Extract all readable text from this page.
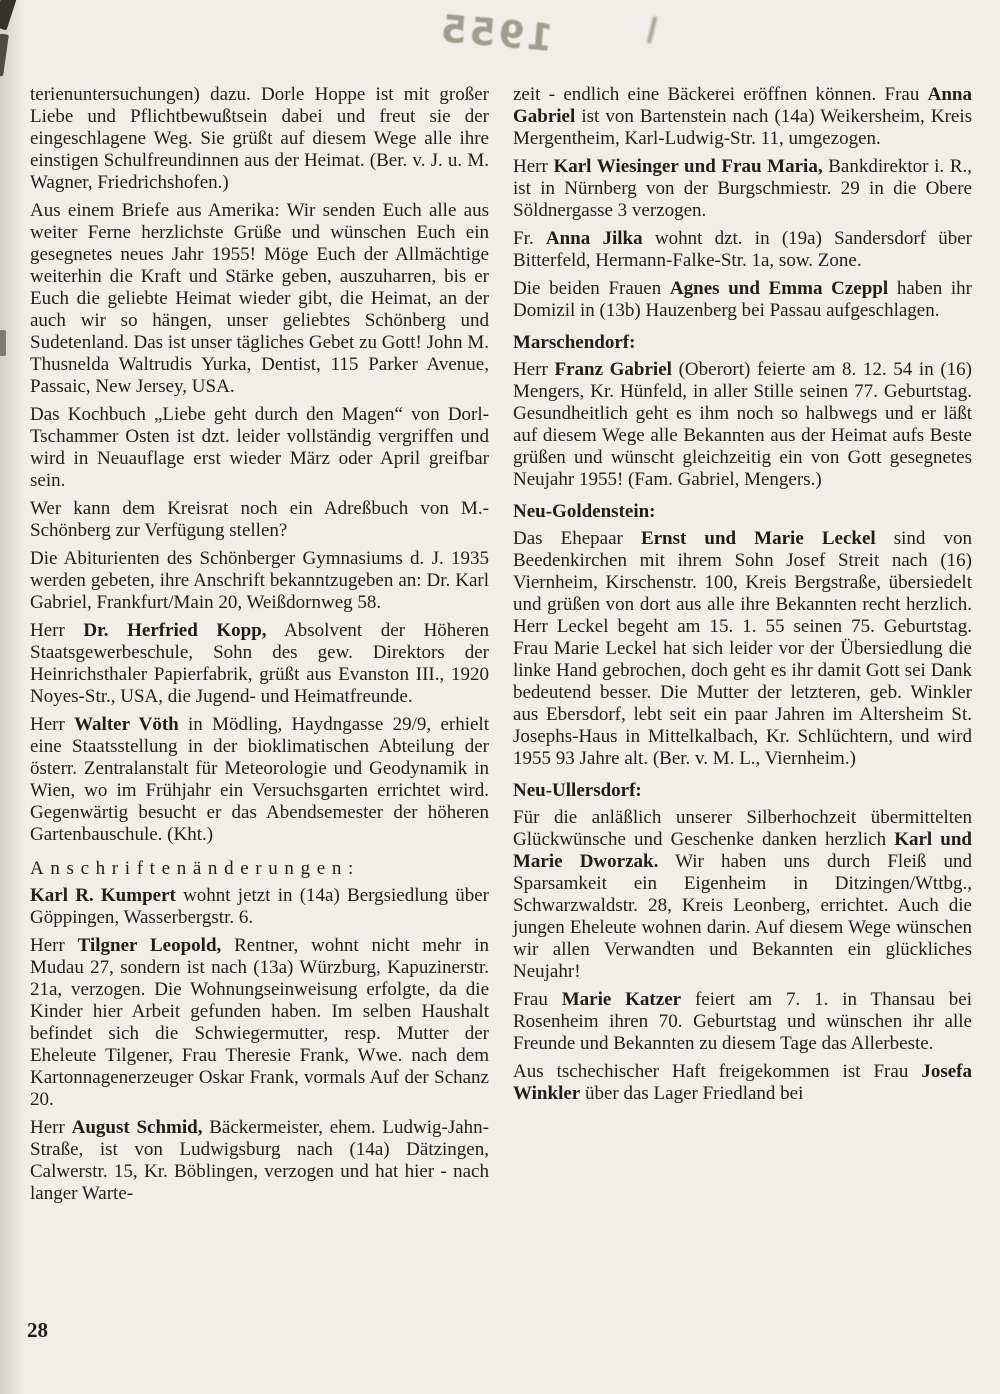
1955

terienuntersuchungen) dazu. Dorle Hoppe ist mit großer Liebe und Pflichtbewußtsein dabei und freut sie der eingeschlagene Weg. Sie grüßt auf diesem Wege alle ihre einstigen Schulfreundinnen aus der Heimat. (Ber. v. J. u. M. Wagner, Friedrichshofen.)

Aus einem Briefe aus Amerika: Wir senden Euch alle aus weiter Ferne herzlichste Grüße und wünschen Euch ein gesegnetes neues Jahr 1955! Möge Euch der Allmächtige weiterhin die Kraft und Stärke geben, auszuharren, bis er Euch die geliebte Heimat wieder gibt, die Heimat, an der auch wir so hängen, unser geliebtes Schönberg und Sudetenland. Das ist unser tägliches Gebet zu Gott! John M. Thusnelda Waltrudis Yurka, Dentist, 115 Parker Avenue, Passaic, New Jersey, USA.

Das Kochbuch „Liebe geht durch den Magen“ von Dorl-Tschammer Osten ist dzt. leider vollständig vergriffen und wird in Neuauflage erst wieder März oder April greifbar sein.

Wer kann dem Kreisrat noch ein Adreßbuch von M.-Schönberg zur Verfügung stellen?

Die Abiturienten des Schönberger Gymnasiums d. J. 1935 werden gebeten, ihre Anschrift bekanntzugeben an: Dr. Karl Gabriel, Frankfurt/Main 20, Weißdornweg 58.

Herr Dr. Herfried Kopp, Absolvent der Höheren Staatsgewerbeschule, Sohn des gew. Direktors der Heinrichsthaler Papierfabrik, grüßt aus Evanston III., 1920 Noyes-Str., USA, die Jugend- und Heimatfreunde.

Herr Walter Vöth in Mödling, Haydngasse 29/9, erhielt eine Staatsstellung in der bioklimatischen Abteilung der österr. Zentralanstalt für Meteorologie und Geodynamik in Wien, wo im Frühjahr ein Versuchsgarten errichtet wird. Gegenwärtig besucht er das Abendsemester der höheren Gartenbauschule. (Kht.)

Anschriftenänderungen:

Karl R. Kumpert wohnt jetzt in (14a) Bergsiedlung über Göppingen, Wasserbergstr. 6.

Herr Tilgner Leopold, Rentner, wohnt nicht mehr in Mudau 27, sondern ist nach (13a) Würzburg, Kapuzinerstr. 21a, verzogen. Die Wohnungseinweisung erfolgte, da die Kinder hier Arbeit gefunden haben. Im selben Haushalt befindet sich die Schwiegermutter, resp. Mutter der Eheleute Tilgener, Frau Theresie Frank, Wwe. nach dem Kartonnagenerzeuger Oskar Frank, vormals Auf der Schanz 20.

Herr August Schmid, Bäckermeister, ehem. Ludwig-Jahn-Straße, ist von Ludwigsburg nach (14a) Dätzingen, Calwerstr. 15, Kr. Böblingen, verzogen und hat hier - nach langer Warte-

zeit - endlich eine Bäckerei eröffnen können. Frau Anna Gabriel ist von Bartenstein nach (14a) Weikersheim, Kreis Mergentheim, Karl-Ludwig-Str. 11, umgezogen.

Herr Karl Wiesinger und Frau Maria, Bankdirektor i. R., ist in Nürnberg von der Burgschmiestr. 29 in die Obere Söldnergasse 3 verzogen.

Fr. Anna Jilka wohnt dzt. in (19a) Sandersdorf über Bitterfeld, Hermann-Falke-Str. 1a, sow. Zone.

Die beiden Frauen Agnes und Emma Czeppl haben ihr Domizil in (13b) Hauzenberg bei Passau aufgeschlagen.

Marschendorf:

Herr Franz Gabriel (Oberort) feierte am 8. 12. 54 in (16) Mengers, Kr. Hünfeld, in aller Stille seinen 77. Geburtstag. Gesundheitlich geht es ihm noch so halbwegs und er läßt auf diesem Wege alle Bekannten aus der Heimat aufs Beste grüßen und wünscht gleichzeitig ein von Gott gesegnetes Neujahr 1955! (Fam. Gabriel, Mengers.)

Neu-Goldenstein:

Das Ehepaar Ernst und Marie Leckel sind von Beedenkirchen mit ihrem Sohn Josef Streit nach (16) Viernheim, Kirschenstr. 100, Kreis Bergstraße, übersiedelt und grüßen von dort aus alle ihre Bekannten recht herzlich. Herr Leckel begeht am 15. 1. 55 seinen 75. Geburtstag. Frau Marie Leckel hat sich leider vor der Übersiedlung die linke Hand gebrochen, doch geht es ihr damit Gott sei Dank bedeutend besser. Die Mutter der letzteren, geb. Winkler aus Ebersdorf, lebt seit ein paar Jahren im Altersheim St. Josephs-Haus in Mittelkalbach, Kr. Schlüchtern, und wird 1955 93 Jahre alt. (Ber. v. M. L., Viernheim.)

Neu-Ullersdorf:

Für die anläßlich unserer Silberhochzeit übermittelten Glückwünsche und Geschenke danken herzlich Karl und Marie Dworzak. Wir haben uns durch Fleiß und Sparsamkeit ein Eigenheim in Ditzingen/Wttbg., Schwarzwaldstr. 28, Kreis Leonberg, errichtet. Auch die jungen Eheleute wohnen darin. Auf diesem Wege wünschen wir allen Verwandten und Bekannten ein glückliches Neujahr!

Frau Marie Katzer feiert am 7. 1. in Thansau bei Rosenheim ihren 70. Geburtstag und wünschen ihr alle Freunde und Bekannten zu diesem Tage das Allerbeste.

Aus tschechischer Haft freigekommen ist Frau Josefa Winkler über das Lager Friedland bei

28
